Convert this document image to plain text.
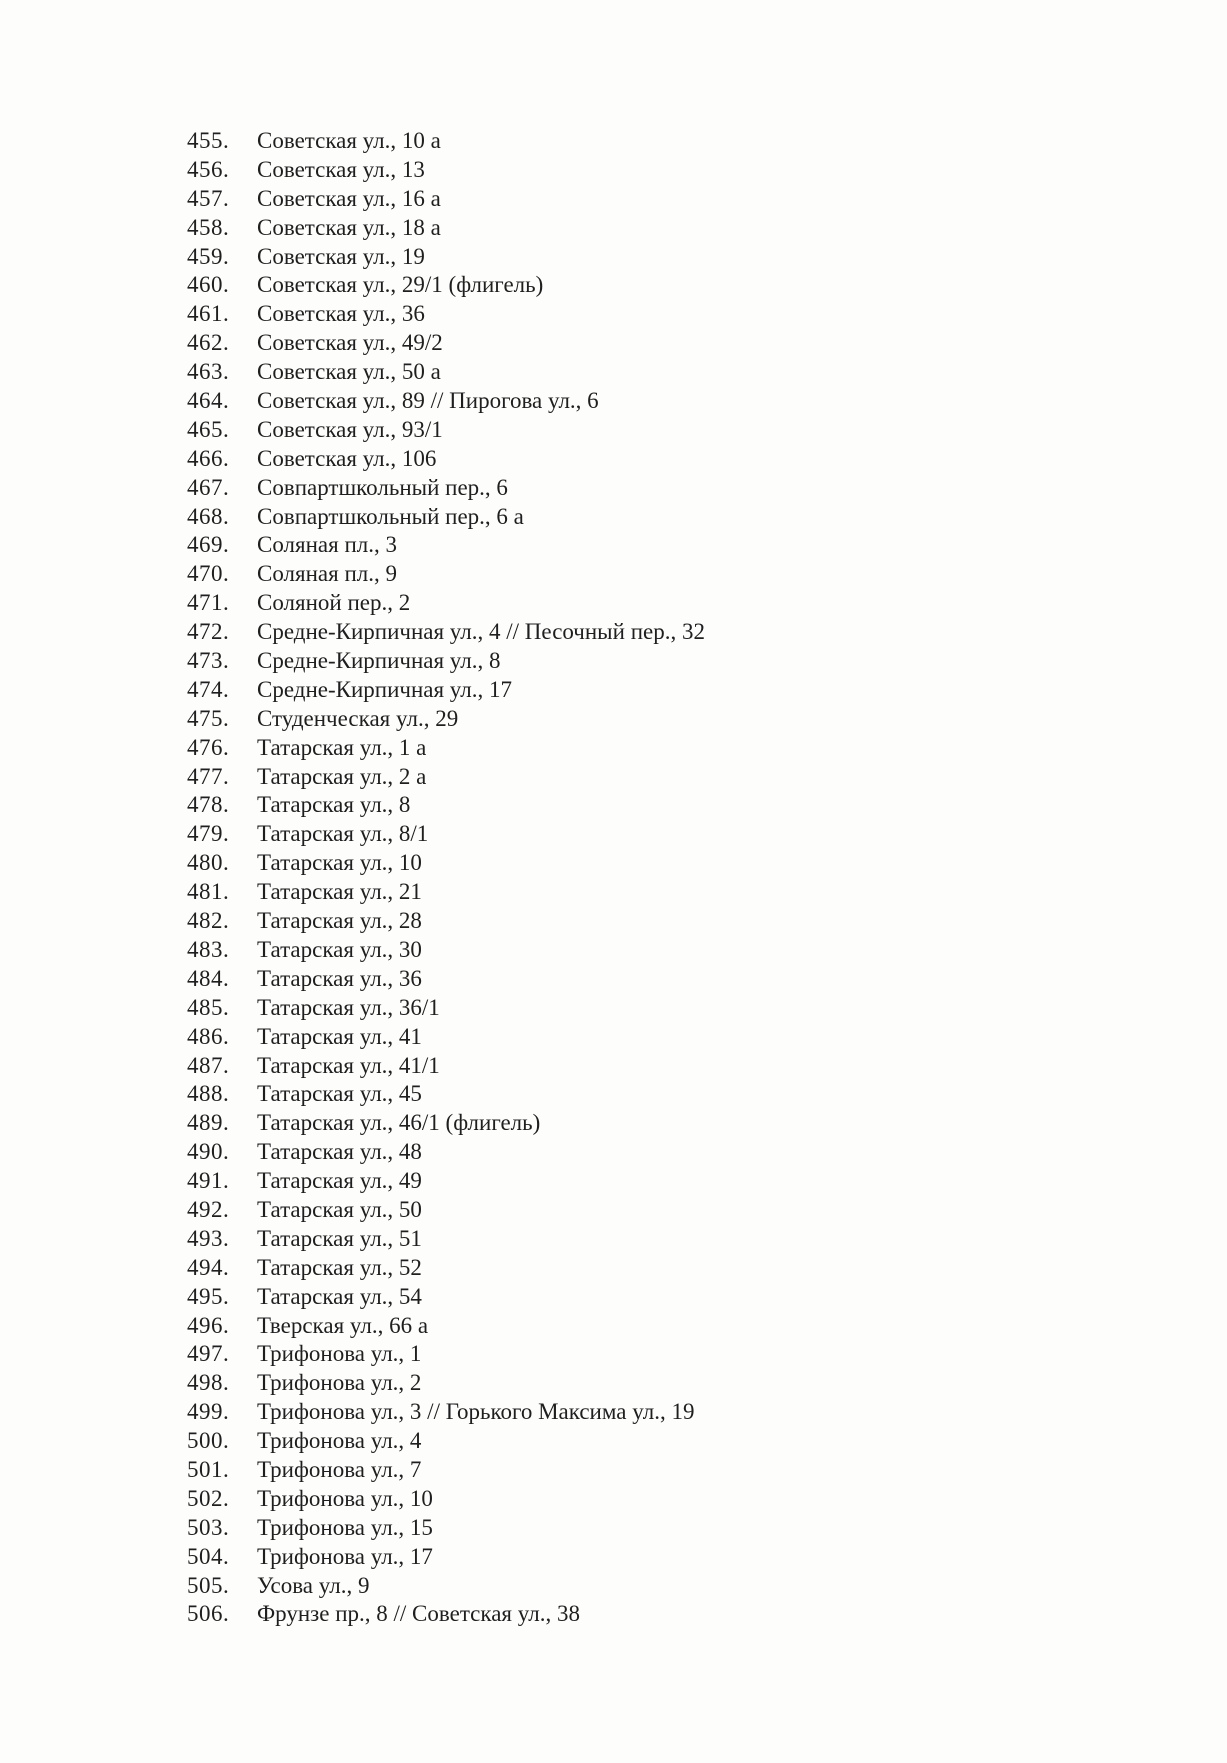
455.	Советская ул., 10 а
456.	Советская ул., 13
457.	Советская ул., 16 а
458.	Советская ул., 18 а
459.	Советская ул., 19
460.	Советская ул., 29/1 (флигель)
461.	Советская ул., 36
462.	Советская ул., 49/2
463.	Советская ул., 50 а
464.	Советская ул., 89 // Пирогова ул., 6
465.	Советская ул., 93/1
466.	Советская ул., 106
467.	Совпартшкольный пер., 6
468.	Совпартшкольный пер., 6 а
469.	Соляная пл., 3
470.	Соляная пл., 9
471.	Соляной пер., 2
472.	Средне-Кирпичная ул., 4 // Песочный пер., 32
473.	Средне-Кирпичная ул., 8
474.	Средне-Кирпичная ул., 17
475.	Студенческая ул., 29
476.	Татарская ул., 1 а
477.	Татарская ул., 2 а
478.	Татарская ул., 8
479.	Татарская ул., 8/1
480.	Татарская ул., 10
481.	Татарская ул., 21
482.	Татарская ул., 28
483.	Татарская ул., 30
484.	Татарская ул., 36
485.	Татарская ул., 36/1
486.	Татарская ул., 41
487.	Татарская ул., 41/1
488.	Татарская ул., 45
489.	Татарская ул., 46/1 (флигель)
490.	Татарская ул., 48
491.	Татарская ул., 49
492.	Татарская ул., 50
493.	Татарская ул., 51
494.	Татарская ул., 52
495.	Татарская ул., 54
496.	Тверская ул., 66 а
497.	Трифонова ул., 1
498.	Трифонова ул., 2
499.	Трифонова ул., 3 // Горького Максима ул., 19
500.	Трифонова ул., 4
501.	Трифонова ул., 7
502.	Трифонова ул., 10
503.	Трифонова ул., 15
504.	Трифонова ул., 17
505.	Усова ул., 9
506.	Фрунзе пр., 8 // Советская ул., 38
